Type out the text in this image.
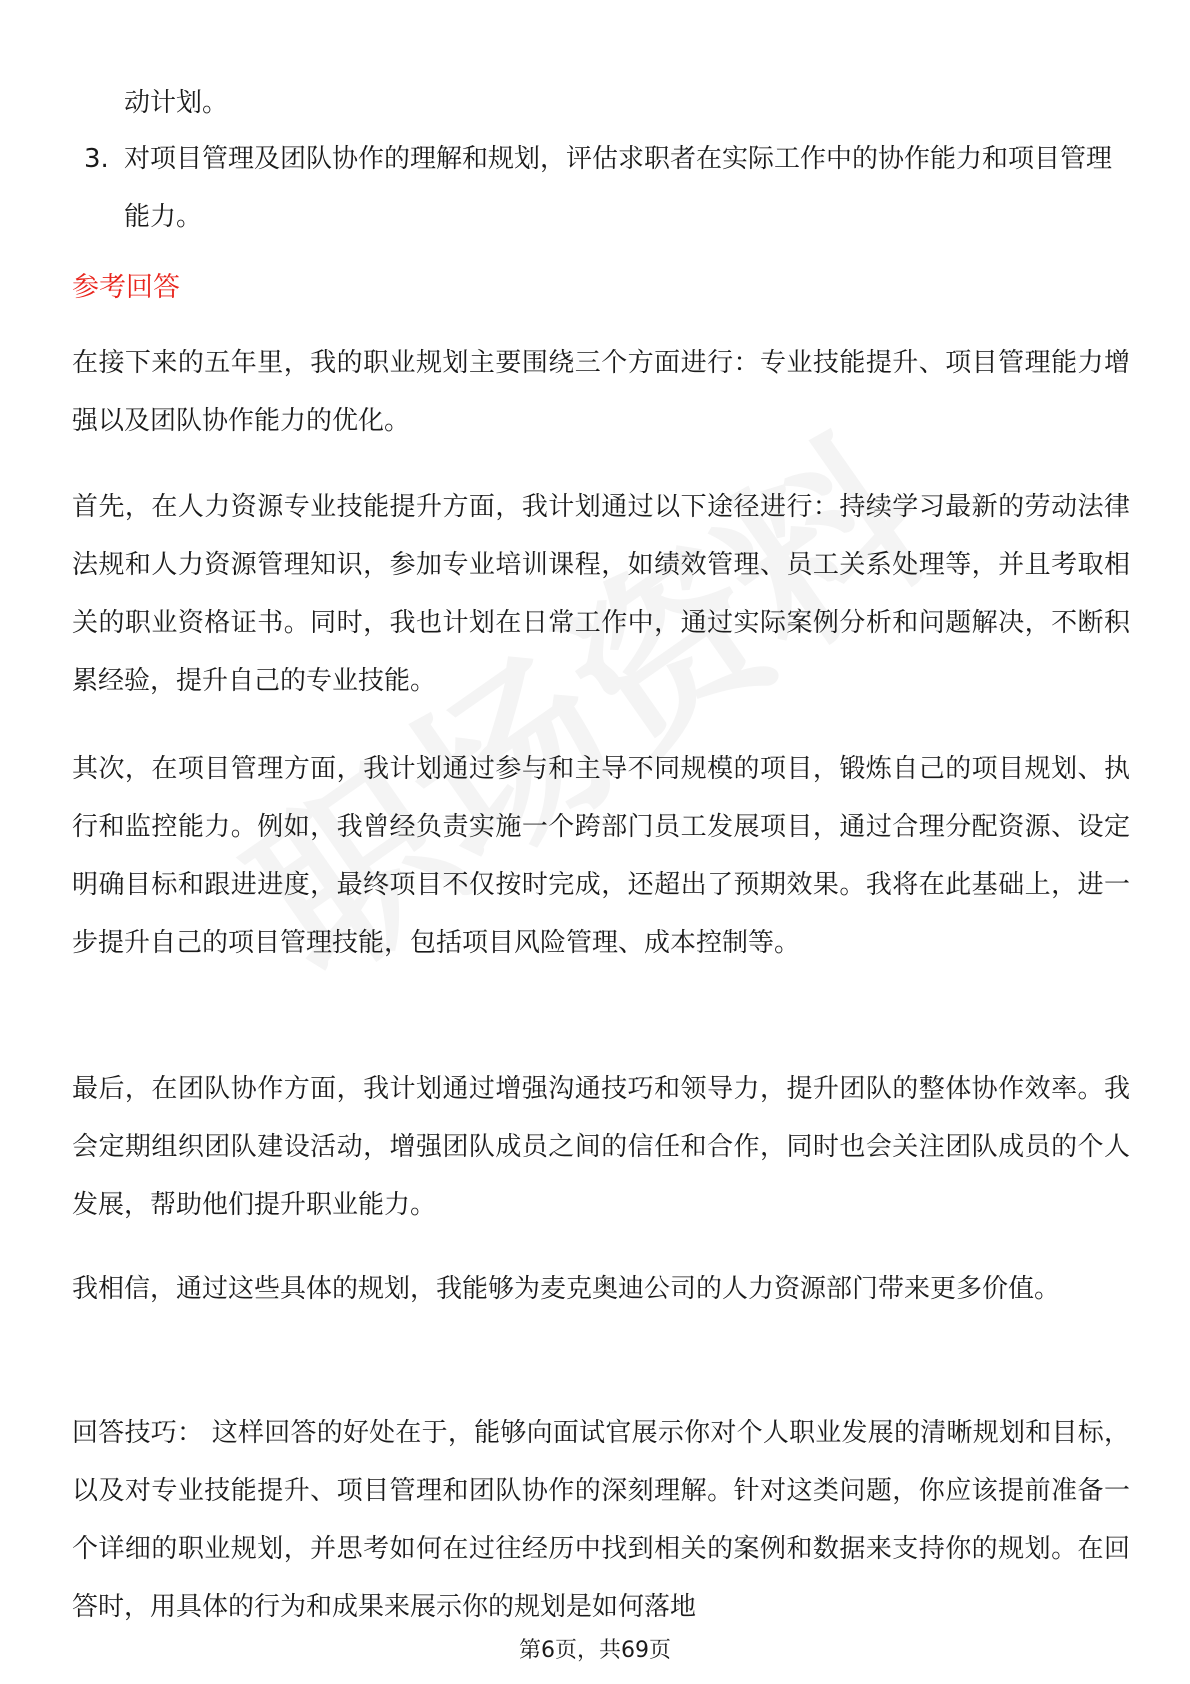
动计划。
3. 对项目管理及团队协作的理解和规划，评估求职者在实际工作中的协作能力和项目管理能力。
参考回答
在接下来的五年里，我的职业规划主要围绕三个方面进行：专业技能提升、项目管理能力增强以及团队协作能力的优化。
首先，在人力资源专业技能提升方面，我计划通过以下途径进行：持续学习最新的劳动法律法规和人力资源管理知识，参加专业培训课程，如绩效管理、员工关系处理等，并且考取相关的职业资格证书。同时，我也计划在日常工作中，通过实际案例分析和问题解决，不断积累经验，提升自己的专业技能。
其次，在项目管理方面，我计划通过参与和主导不同规模的项目，锻炼自己的项目规划、执行和监控能力。例如，我曾经负责实施一个跨部门员工发展项目，通过合理分配资源、设定明确目标和跟进进度，最终项目不仅按时完成，还超出了预期效果。我将在此基础上，进一步提升自己的项目管理技能，包括项目风险管理、成本控制等。
最后，在团队协作方面，我计划通过增强沟通技巧和领导力，提升团队的整体协作效率。我会定期组织团队建设活动，增强团队成员之间的信任和合作，同时也会关注团队成员的个人发展，帮助他们提升职业能力。
我相信，通过这些具体的规划，我能够为麦克奥迪公司的人力资源部门带来更多价值。
回答技巧： 这样回答的好处在于，能够向面试官展示你对个人职业发展的清晰规划和目标，以及对专业技能提升、项目管理和团队协作的深刻理解。针对这类问题，你应该提前准备一个详细的职业规划，并思考如何在过往经历中找到相关的案例和数据来支持你的规划。在回答时，用具体的行为和成果来展示你的规划是如何落地
第6页，共69页
